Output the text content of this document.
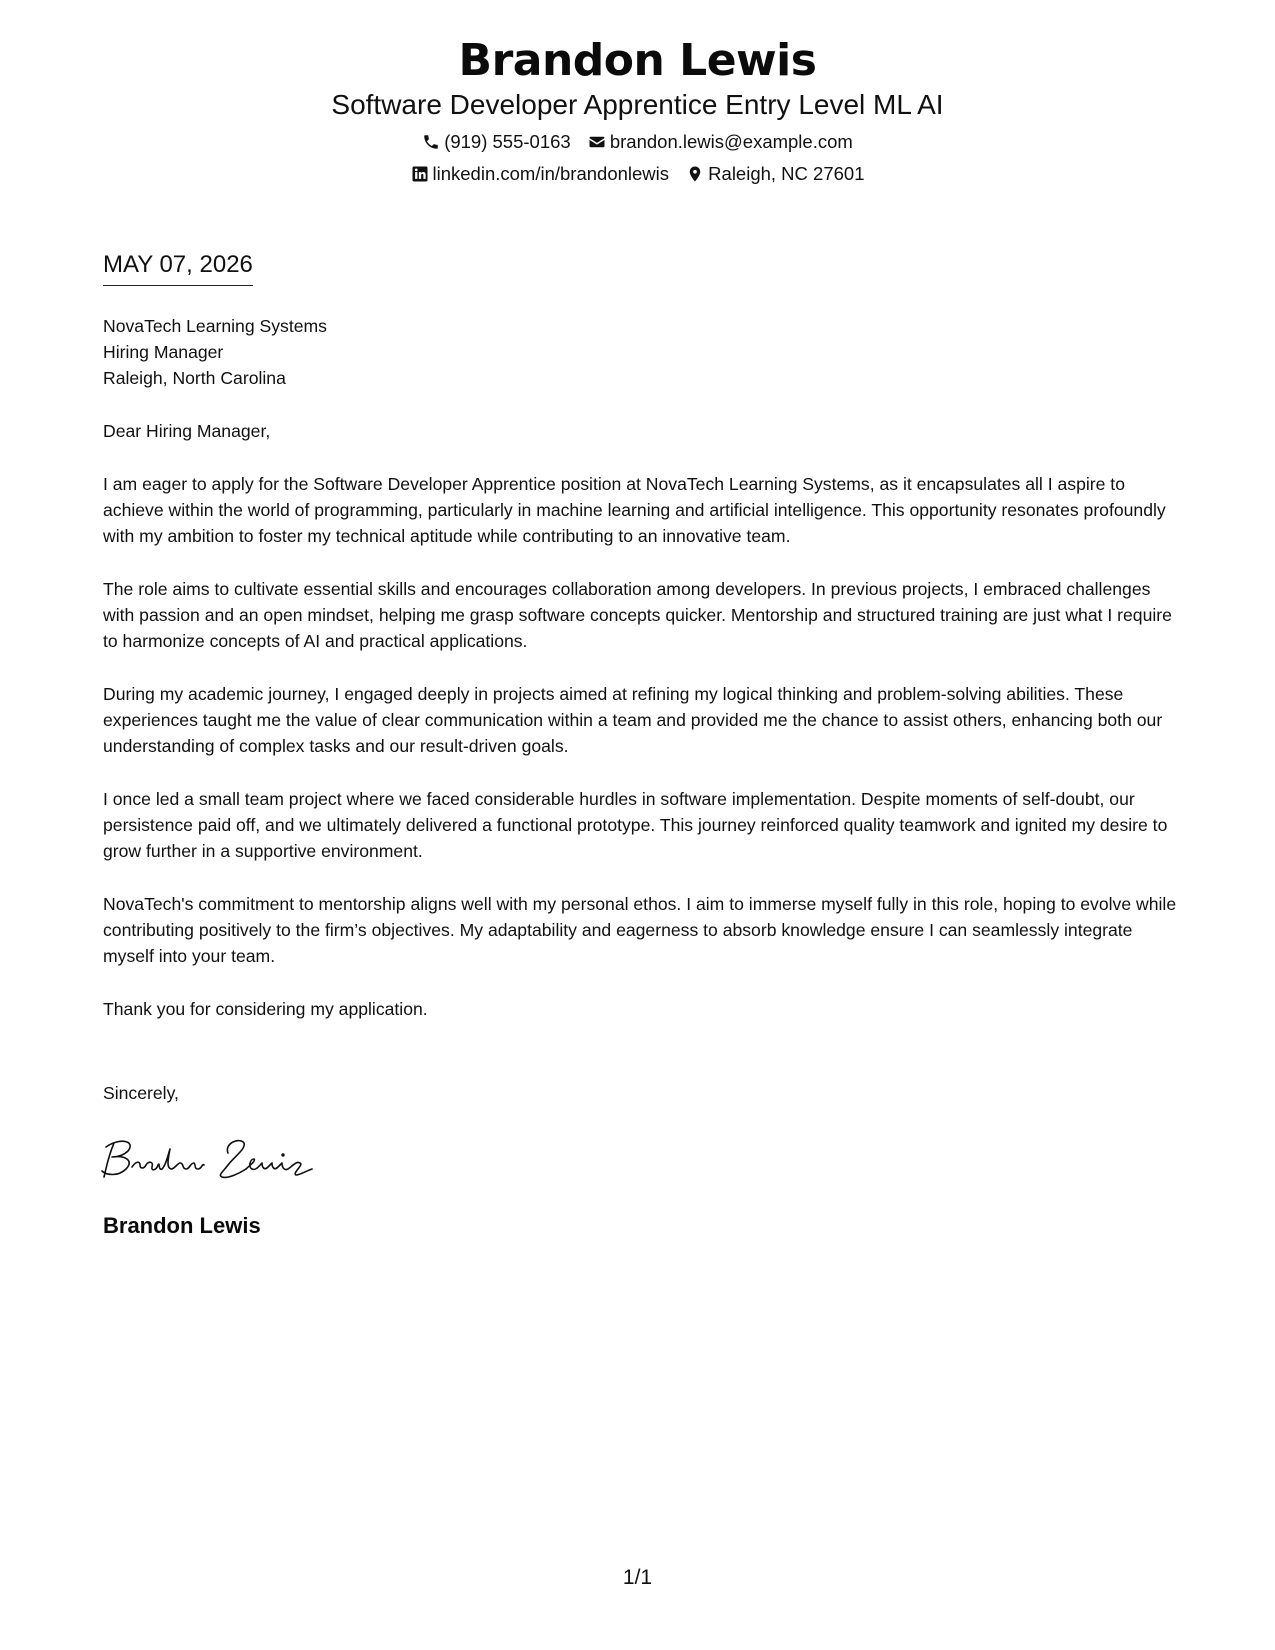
Brandon Lewis
Software Developer Apprentice Entry Level ML AI
(919) 555-0163
brandon.lewis@example.com
linkedin.com/in/brandonlewis
Raleigh, NC 27601
MAY 07, 2026

NovaTech Learning Systems

Hiring Manager

Raleigh, North Carolina

Dear Hiring Manager,

I am eager to apply for the Software Developer Apprentice position at NovaTech Learning Systems, as it encapsulates all I aspire to achieve within the world of programming, particularly in machine learning and artificial intelligence. This opportunity resonates profoundly with my ambition to foster my technical aptitude while contributing to an innovative team.

The role aims to cultivate essential skills and encourages collaboration among developers. In previous projects, I embraced challenges with passion and an open mindset, helping me grasp software concepts quicker. Mentorship and structured training are just what I require to harmonize concepts of AI and practical applications.

During my academic journey, I engaged deeply in projects aimed at refining my logical thinking and problem-solving abilities. These experiences taught me the value of clear communication within a team and provided me the chance to assist others, enhancing both our understanding of complex tasks and our result-driven goals.

I once led a small team project where we faced considerable hurdles in software implementation. Despite moments of self-doubt, our persistence paid off, and we ultimately delivered a functional prototype. This journey reinforced quality teamwork and ignited my desire to grow further in a supportive environment.

NovaTech's commitment to mentorship aligns well with my personal ethos. I aim to immerse myself fully in this role, hoping to evolve while contributing positively to the firm’s objectives. My adaptability and eagerness to absorb knowledge ensure I can seamlessly integrate myself into your team.

Thank you for considering my application.

Sincerely,
Brandon Lewis
1/1
